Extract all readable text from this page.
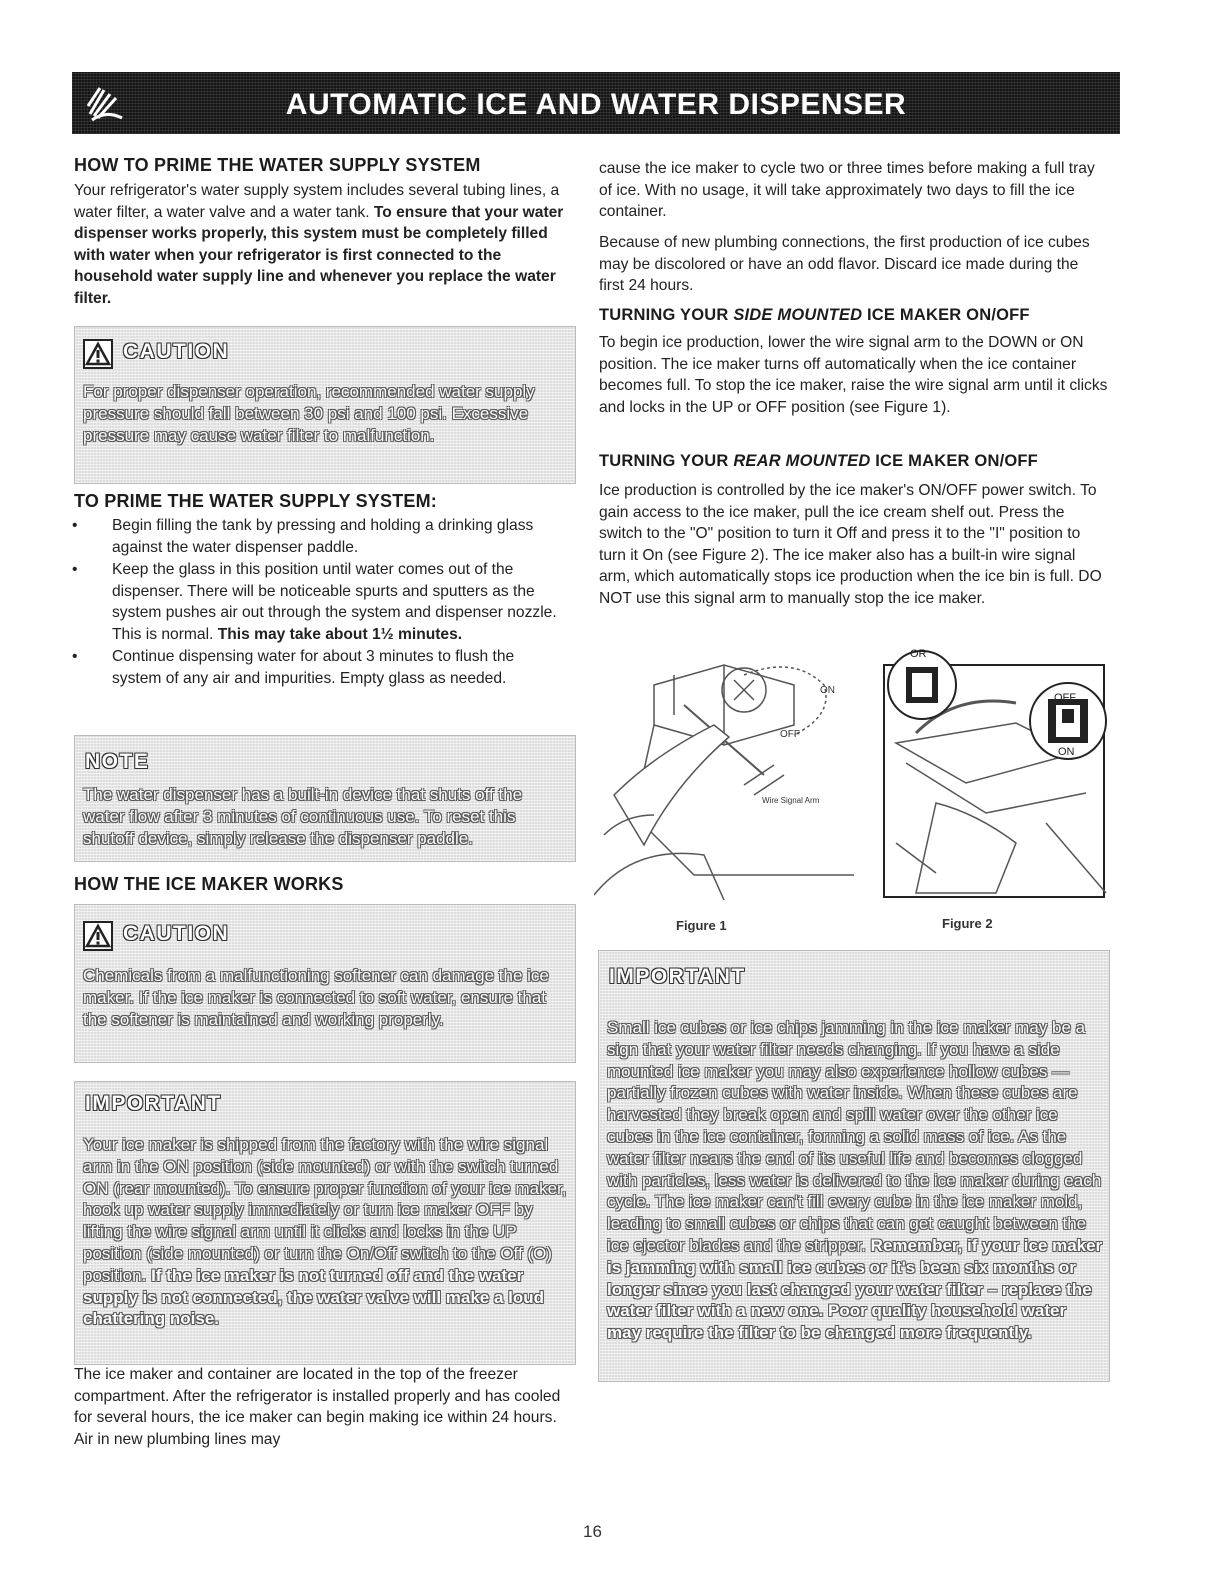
AUTOMATIC ICE AND WATER DISPENSER
HOW TO PRIME THE WATER SUPPLY SYSTEM

Your refrigerator's water supply system includes several tubing lines, a water filter, a water valve and a water tank. To ensure that your water dispenser works properly, this system must be completely filled with water when your refrigerator is first connected to the household water supply line and whenever you replace the water filter.

CAUTION
For proper dispenser operation, recommended water supply pressure should fall between 30 psi and 100 psi. Excessive pressure may cause water filter to malfunction.
TO PRIME THE WATER SUPPLY SYSTEM:
• Begin filling the tank by pressing and holding a drinking glass against the water dispenser paddle.
• Keep the glass in this position until water comes out of the dispenser. There will be noticeable spurts and sputters as the system pushes air out through the system and dispenser nozzle. This is normal. This may take about 1½ minutes.
• Continue dispensing water for about 3 minutes to flush the system of any air and impurities. Empty glass as needed.
NOTE
The water dispenser has a built-in device that shuts off the water flow after 3 minutes of continuous use. To reset this shutoff device, simply release the dispenser paddle.
HOW THE ICE MAKER WORKS
CAUTION
Chemicals from a malfunctioning softener can damage the ice maker. If the ice maker is connected to soft water, ensure that the softener is maintained and working properly.
IMPORTANT
Your ice maker is shipped from the factory with the wire signal arm in the ON position (side mounted) or with the switch turned ON (rear mounted). To ensure proper function of your ice maker, hook up water supply immediately or turn ice maker OFF by lifting the wire signal arm until it clicks and locks in the UP position (side mounted) or turn the On/Off switch to the Off (O) position. If the ice maker is not turned off and the water supply is not connected, the water valve will make a loud chattering noise.

The ice maker and container are located in the top of the freezer compartment. After the refrigerator is installed properly and has cooled for several hours, the ice maker can begin making ice within 24 hours. Air in new plumbing lines may

cause the ice maker to cycle two or three times before making a full tray of ice. With no usage, it will take approximately two days to fill the ice container.

Because of new plumbing connections, the first production of ice cubes may be discolored or have an odd flavor. Discard ice made during the first 24 hours.

TURNING YOUR SIDE MOUNTED ICE MAKER ON/OFF

To begin ice production, lower the wire signal arm to the DOWN or ON position. The ice maker turns off automatically when the ice container becomes full. To stop the ice maker, raise the wire signal arm until it clicks and locks in the UP or OFF position (see Figure 1).

TURNING YOUR REAR MOUNTED ICE MAKER ON/OFF

Ice production is controlled by the ice maker's ON/OFF power switch. To gain access to the ice maker, pull the ice cream shelf out. Press the switch to the "O" position to turn it Off and press it to the "I" position to turn it On (see Figure 2). The ice maker also has a built-in wire signal arm, which automatically stops ice production when the ice bin is full. DO NOT use this signal arm to manually stop the ice maker.

ON
OFF
Wire Signal Arm
OR
OFF
ON
Figure 1	Figure 2
IMPORTANT
Small ice cubes or ice chips jamming in the ice maker may be a sign that your water filter needs changing. If you have a side mounted ice maker you may also experience hollow cubes — partially frozen cubes with water inside. When these cubes are harvested they break open and spill water over the other ice cubes in the ice container, forming a solid mass of ice. As the water filter nears the end of its useful life and becomes clogged with particles, less water is delivered to the ice maker during each cycle. The ice maker can't fill every cube in the ice maker mold, leading to small cubes or chips that can get caught between the ice ejector blades and the stripper. Remember, if your ice maker is jamming with small ice cubes or it's been six months or longer since you last changed your water filter – replace the water filter with a new one. Poor quality household water may require the filter to be changed more frequently.
16
